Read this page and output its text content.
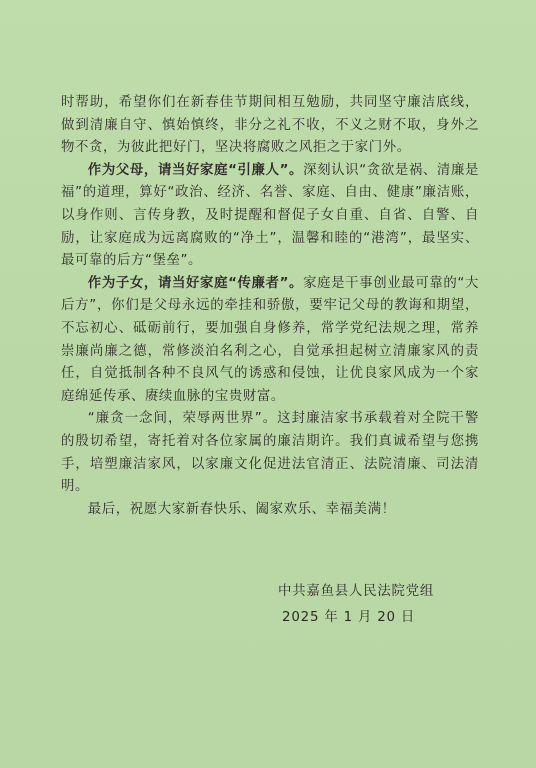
时帮助，希望你们在新春佳节期间相互勉励，共同坚守廉洁底线，做到清廉自守、慎始慎终，非分之礼不收，不义之财不取，身外之物不贪，为彼此把好门，坚决将腐败之风拒之于家门外。

作为父母，请当好家庭“引廉人”。深刻认识“贪欲是祸、清廉是福”的道理，算好“政治、经济、名誉、家庭、自由、健康”廉洁账，以身作则、言传身教，及时提醒和督促子女自重、自省、自警、自励，让家庭成为远离腐败的“净土”，温馨和睦的“港湾”，最坚实、最可靠的后方“堡垒”。

作为子女，请当好家庭“传廉者”。家庭是干事创业最可靠的“大后方”，你们是父母永远的牵挂和骄傲，要牢记父母的教诲和期望，不忘初心、砥砺前行，要加强自身修养，常学党纪法规之理，常养崇廉尚廉之德，常修淡泊名利之心，自觉承担起树立清廉家风的责任，自觉抵制各种不良风气的诱惑和侵蚀，让优良家风成为一个家庭绵延传承、赓续血脉的宝贵财富。

“廉贪一念间，荣辱两世界”。这封廉洁家书承载着对全院干警的殷切希望，寄托着对各位家属的廉洁期许。我们真诚希望与您携手，培塑廉洁家风，以家廉文化促进法官清正、法院清廉、司法清明。

最后，祝愿大家新春快乐、阖家欢乐、幸福美满！

中共嘉鱼县人民法院党组
2025 年 1 月 20 日
